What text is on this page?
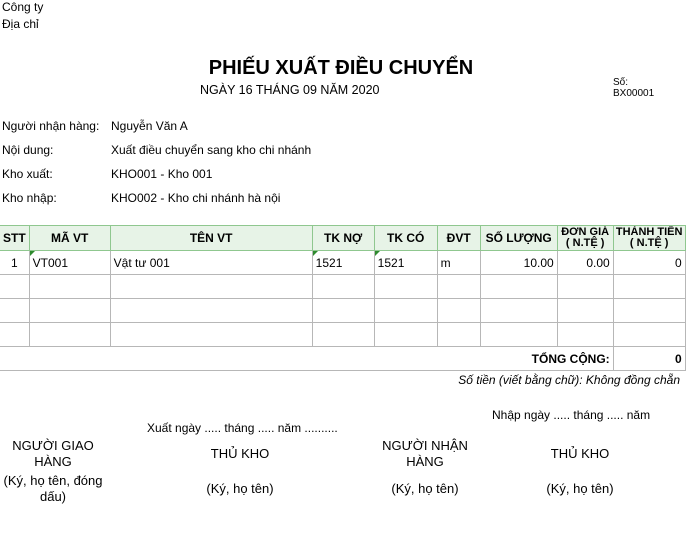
Công ty
Địa chỉ
PHIẾU XUẤT ĐIỀU CHUYỂN
NGÀY 16 THÁNG 09 NĂM 2020
Số:
BX00001
Người nhận hàng: Nguyễn Văn A
Nội dung:	Xuất điều chuyển sang kho chi nhánh
Kho xuất:	KHO001 - Kho 001
Kho nhập:	KHO002 - Kho chi nhánh hà nội
STT	MÃ VT	TÊN VT	TK NỢ	TK CÓ	ĐVT	SỐ LƯỢNG	ĐƠN GIÁ ( N.TỆ )	THÀNH TIỀN ( N.TỆ )
1	VT001	Vật tư 001	1521	1521	m	10.00	0.00	0

TỔNG CỘNG:								0
Số tiền (viết bằng chữ): Không đồng chẵn
Xuất ngày ..... tháng ..... năm ..........
Nhập ngày ..... tháng ..... năm
NGƯỜI GIAO HÀNG
(Ký, họ tên, đóng dấu)
THỦ KHO
(Ký, họ tên)
NGƯỜI NHẬN HÀNG
(Ký, họ tên)
THỦ KHO
(Ký, họ tên)
